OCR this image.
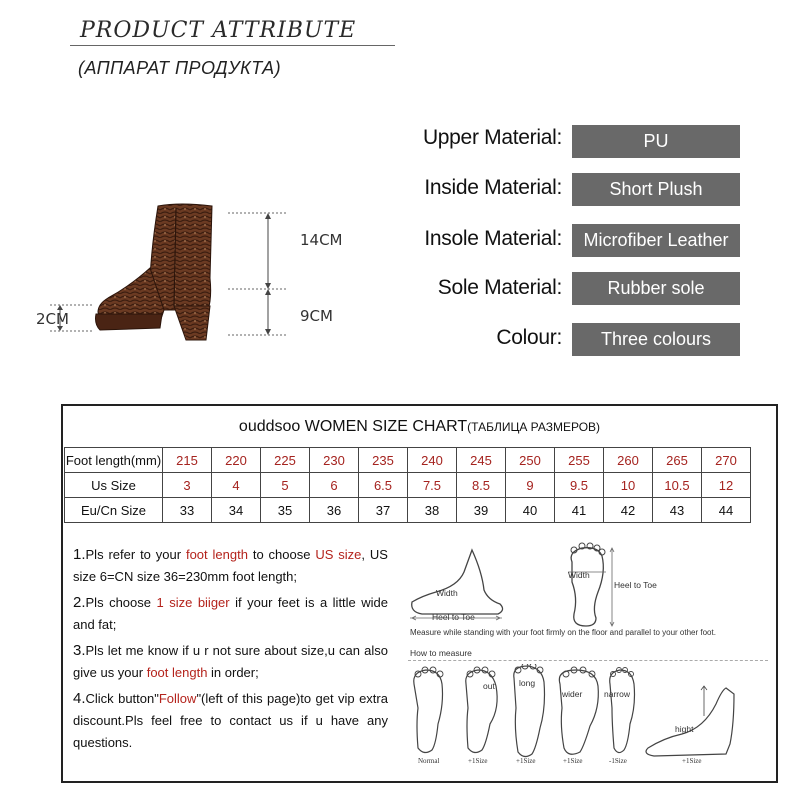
PRODUCT ATTRIBUTE
(АППАРАТ ПРОДУКТА)
14CM
9CM
2CM
Upper Material:	PU
Inside Material:	Short Plush
Insole Material:	Microfiber Leather
Sole Material:	Rubber sole
Colour:	Three colours
ouddsoo WOMEN SIZE CHART(ТАБЛИЦА РАЗМЕРОВ)
Foot length(mm)	215	220	225	230	235	240	245	250	255	260	265	270
Us Size	3	4	5	6	6.5	7.5	8.5	9	9.5	10	10.5	12
Eu/Cn Size	33	34	35	36	37	38	39	40	41	42	43	44

1.Pls refer to your foot length to choose US size, US size 6=CN size 36=230mm foot length;

2.Pls choose 1 size biiger if your feet is a little wide and fat;

3.Pls let me know if u r not sure about size,u can also give us your foot length in order;

4.Click button"Follow"(left of this page)to get vip extra discount.Pls feel free to contact us if u have any questions.

Width
Heel to Toe
Width
Heel to Toe
Measure while standing with your foot firmly on the floor and parallel to your other foot.
How to measure
out	long
wider	narrow
hight
Normal	+1Size	+1Size	+1Size	-1Size	+1Size
